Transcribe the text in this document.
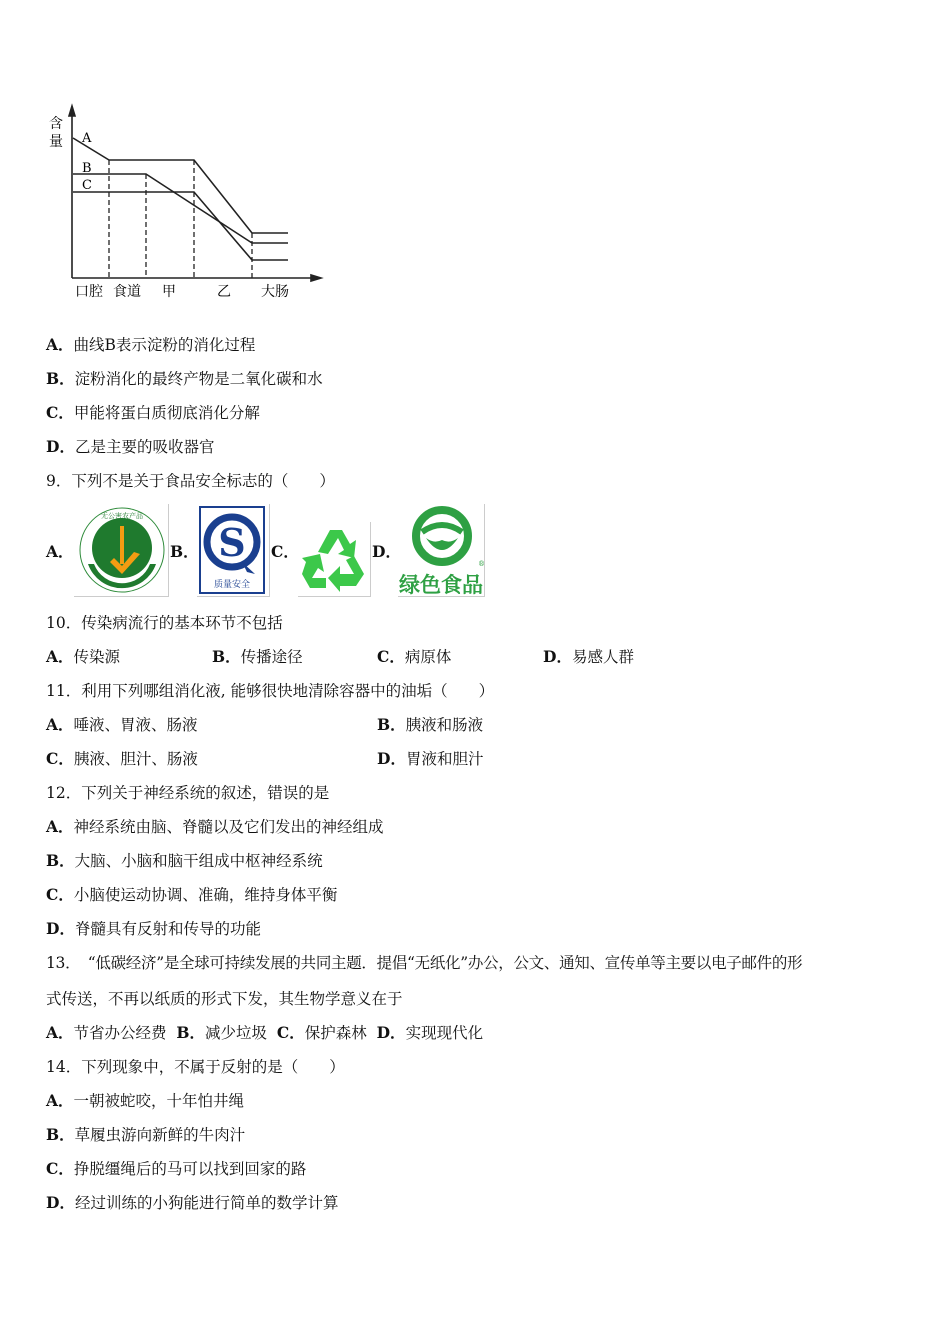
含
量 A
B
C
口腔 食道 甲	乙 大肠
A．曲线B表示淀粉的消化过程
B．淀粉消化的最终产物是二氧化碳和水
C．甲能将蛋白质彻底消化分解
D．乙是主要的吸收器官
9．下列不是关于食品安全标志的（　　）
A．
无公害农产品
B． S
质量安全
C．	D．
®
绿色食品
10．传染病流行的基本环节不包括
A．传染源	B．传播途径	C．病原体	D．易感人群
11．利用下列哪组消化液, 能够很快地清除容器中的油垢（　　）
A．唾液、胃液、肠液	B．胰液和肠液
C．胰液、胆汁、肠液	D．胃液和胆汁
12．下列关于神经系统的叙述，错误的是
A．神经系统由脑、脊髓以及它们发出的神经组成
B．大脑、小脑和脑干组成中枢神经系统
C．小脑使运动协调、准确，维持身体平衡
D．脊髓具有反射和传导的功能
13．　“低碳经济”是全球可持续发展的共同主题．提倡“无纸化”办公，公文、通知、宣传单等主要以电子邮件的形
式传送，不再以纸质的形式下发，其生物学意义在于
A．节省办公经费 B．减少垃圾 C．保护森林 D．实现现代化
14．下列现象中，不属于反射的是（　　）
A．一朝被蛇咬，十年怕井绳
B．草履虫游向新鲜的牛肉汁
C．挣脱缰绳后的马可以找到回家的路
D．经过训练的小狗能进行简单的数学计算
